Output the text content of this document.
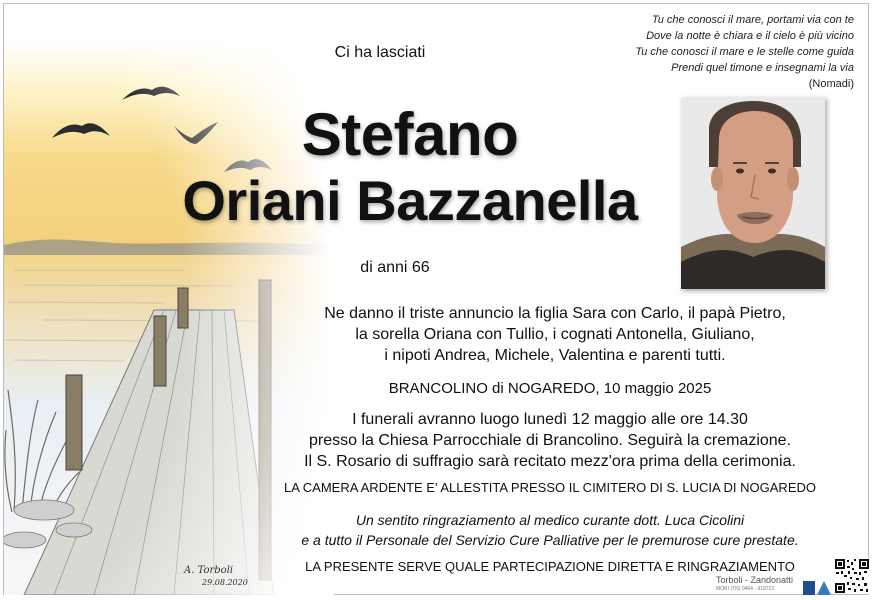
A. Torboli
29.08.2020
Ci ha lasciati
Tu che conosci il mare, portami via con te
Dove la notte è chiara e il cielo è più vicino
Tu che conosci il mare e le stelle come guida
Prendi quel timone e insegnami la via
(Nomadi)
Stefano
Oriani Bazzanella
di anni 66
Ne danno il triste annuncio la figlia Sara con Carlo, il papà Pietro,
la sorella Oriana con Tullio, i cognati Antonella, Giuliano,
i nipoti Andrea, Michele, Valentina e parenti tutti.
BRANCOLINO di NOGAREDO, 10 maggio 2025
I funerali avranno luogo lunedì 12 maggio alle ore 14.30
presso la Chiesa Parrocchiale di Brancolino. Seguirà la cremazione.
Il S. Rosario di suffragio sarà recitato mezz'ora prima della cerimonia.
LA CAMERA ARDENTE E' ALLESTITA PRESSO IL CIMITERO DI S. LUCIA DI NOGAREDO
Un sentito ringraziamento al medico curante dott. Luca Cicolini
e a tutto il Personale del Servizio Cure Palliative per le premurose cure prestate.
LA PRESENTE SERVE QUALE PARTECIPAZIONE DIRETTA E RINGRAZIAMENTO
Torboli - Zandonatti
MORI (TN) 0464 - 918713
